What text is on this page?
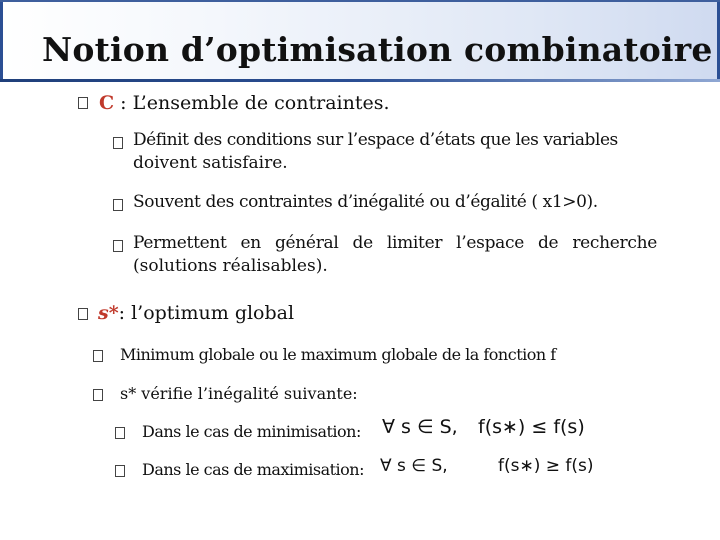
Notion d’optimisation combinatoire
C : L’ensemble de contraintes.
Définit des conditions sur l’espace d’états que les variables
doivent satisfaire.
Souvent des contraintes d’inégalité ou d’égalité ( x1>0).
Permettent en général de limiter l’espace de recherche
(solutions réalisables).
s*: l’optimum global
Minimum globale ou le maximum globale de la fonction f
s* vérifie l’inégalité suivante:
Dans le cas de minimisation: ∀ s ∈ S, f(s∗) ≤ f(s)
Dans le cas de maximisation: ∀ s ∈ S,	f(s∗) ≥ f(s)
